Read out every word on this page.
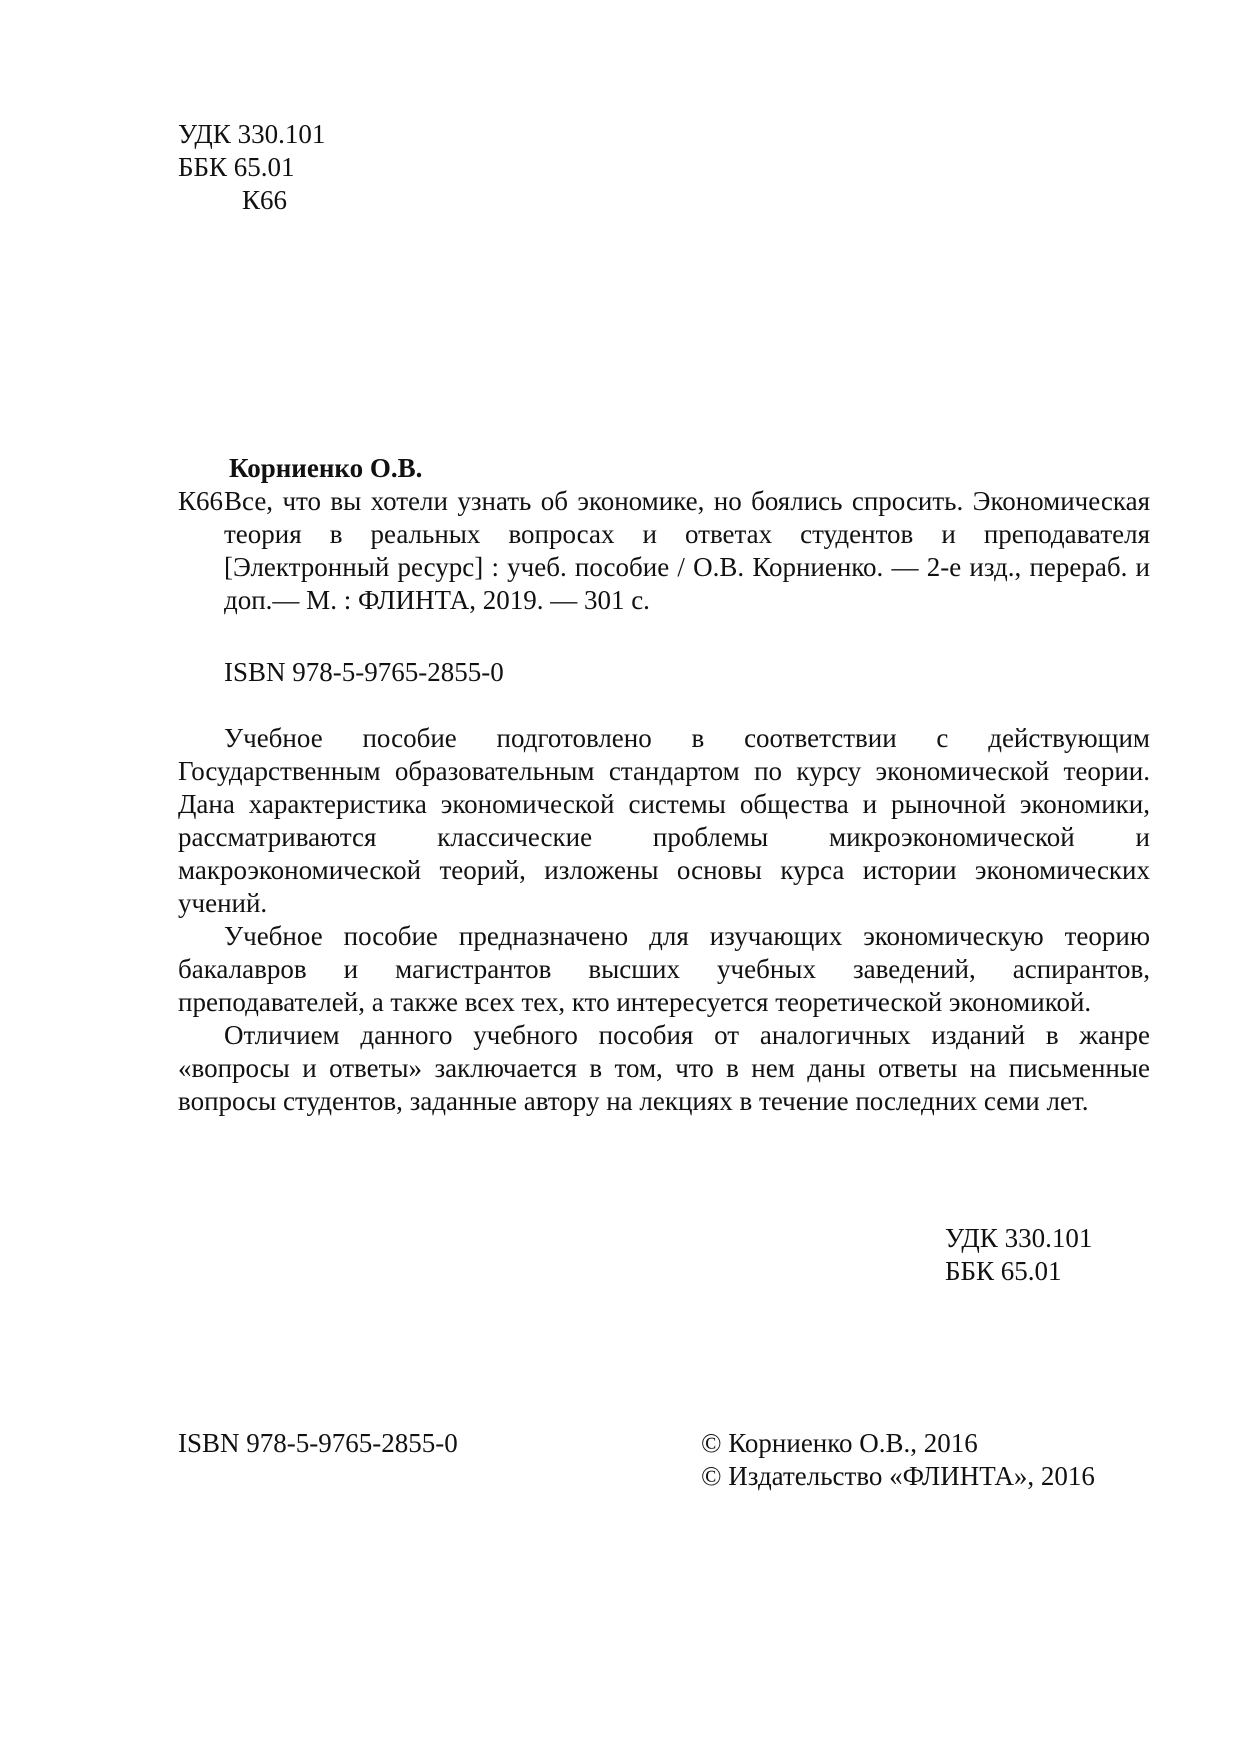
УДК 330.101
ББК 65.01
К66
Корниенко О.В.
К66 Все, что вы хотели узнать об экономике, но боялись спросить. Экономическая теория в реальных вопросах и ответах студентов и преподавателя [Электронный ресурс] : учеб. пособие / О.В. Корниенко. — 2-е изд., перераб. и доп.— М. : ФЛИНТА, 2019. — 301 с.

ISBN 978-5-9765-2855-0

Учебное пособие подготовлено в соответствии с действующим Государственным образовательным стандартом по курсу экономической теории. Дана характеристика экономической системы общества и рыночной экономики, рассматриваются классические проблемы микроэкономической и макроэкономической теорий, изложены основы курса истории экономических учений.

Учебное пособие предназначено для изучающих экономическую теорию бакалавров и магистрантов высших учебных заведений, аспирантов, преподавателей, а также всех тех, кто интересуется теоретической экономикой.

Отличием данного учебного пособия от аналогичных изданий в жанре «вопросы и ответы» заключается в том, что в нем даны ответы на письменные вопросы студентов, заданные автору на лекциях в течение последних семи лет.

УДК 330.101
ББК 65.01
ISBN 978-5-9765-2855-0	© Корниенко О.В., 2016
© Издательство «ФЛИНТА», 2016
